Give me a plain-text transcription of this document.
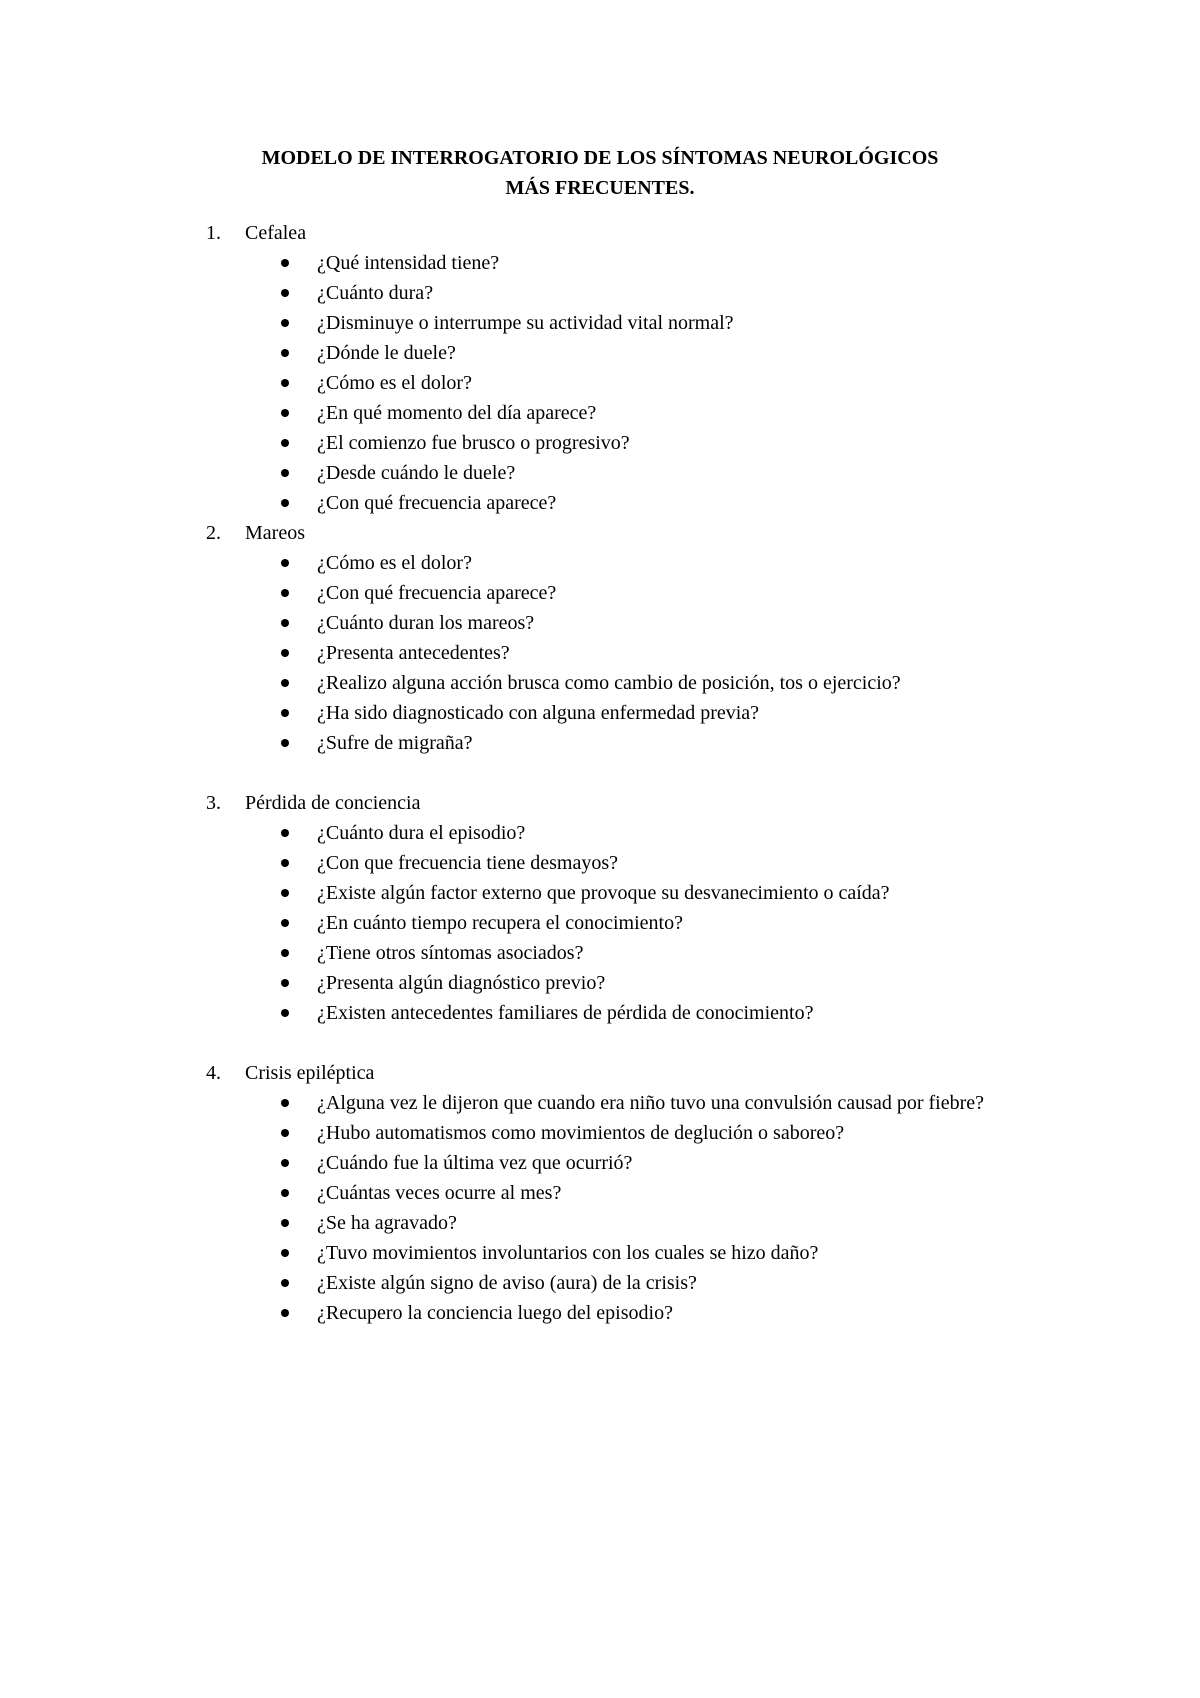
MODELO DE INTERROGATORIO DE LOS SÍNTOMAS NEUROLÓGICOS
MÁS FRECUENTES.
1. Cefalea
¿Qué intensidad tiene?
¿Cuánto dura?
¿Disminuye o interrumpe su actividad vital normal?
¿Dónde le duele?
¿Cómo es el dolor?
¿En qué momento del día aparece?
¿El comienzo fue brusco o progresivo?
¿Desde cuándo le duele?
¿Con qué frecuencia aparece?
2. Mareos
¿Cómo es el dolor?
¿Con qué frecuencia aparece?
¿Cuánto duran los mareos?
¿Presenta antecedentes?
¿Realizo alguna acción brusca como cambio de posición, tos o ejercicio?
¿Ha sido diagnosticado con alguna enfermedad previa?
¿Sufre de migraña?
3. Pérdida de conciencia
¿Cuánto dura el episodio?
¿Con que frecuencia tiene desmayos?
¿Existe algún factor externo que provoque su desvanecimiento o caída?
¿En cuánto tiempo recupera el conocimiento?
¿Tiene otros síntomas asociados?
¿Presenta algún diagnóstico previo?
¿Existen antecedentes familiares de pérdida de conocimiento?
4. Crisis epiléptica
¿Alguna vez le dijeron que cuando era niño tuvo una convulsión causad por fiebre?
¿Hubo automatismos como movimientos de deglución o saboreo?
¿Cuándo fue la última vez que ocurrió?
¿Cuántas veces ocurre al mes?
¿Se ha agravado?
¿Tuvo movimientos involuntarios con los cuales se hizo daño?
¿Existe algún signo de aviso (aura) de la crisis?
¿Recupero la conciencia luego del episodio?
